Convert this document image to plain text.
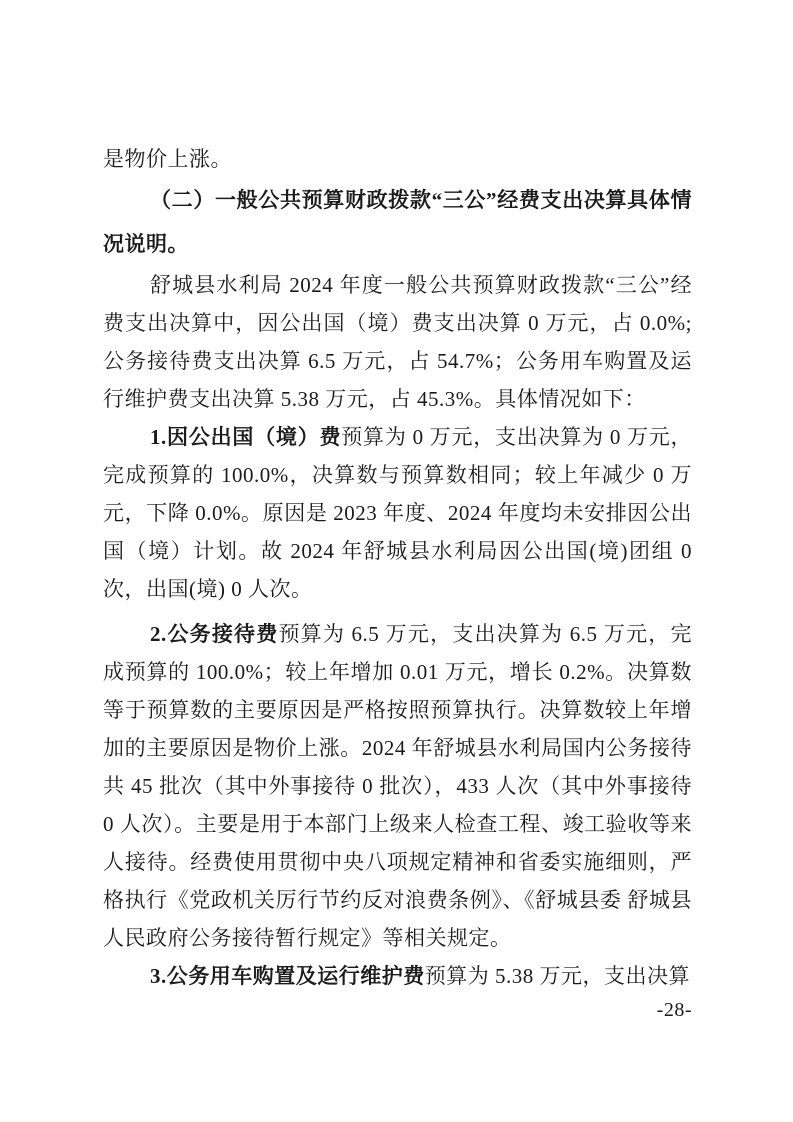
是物价上涨。

（二）一般公共预算财政拨款“三公”经费支出决算具体情况说明。

舒城县水利局 2024 年度一般公共预算财政拨款“三公”经费支出决算中，因公出国（境）费支出决算 0 万元，占 0.0%;公务接待费支出决算 6.5 万元，占 54.7%；公务用车购置及运行维护费支出决算 5.38 万元，占 45.3%。具体情况如下：

1.因公出国（境）费预算为 0 万元，支出决算为 0 万元，完成预算的 100.0%，决算数与预算数相同；较上年减少 0 万元，下降 0.0%。原因是 2023 年度、2024 年度均未安排因公出国（境）计划。故 2024 年舒城县水利局因公出国(境)团组 0 次，出国(境) 0 人次。

2.公务接待费预算为 6.5 万元，支出决算为 6.5 万元，完成预算的 100.0%；较上年增加 0.01 万元，增长 0.2%。决算数等于预算数的主要原因是严格按照预算执行。决算数较上年增加的主要原因是物价上涨。2024 年舒城县水利局国内公务接待共 45 批次（其中外事接待 0 批次），433 人次（其中外事接待 0 人次）。主要是用于本部门上级来人检查工程、竣工验收等来人接待。经费使用贯彻中央八项规定精神和省委实施细则，严格执行《党政机关厉行节约反对浪费条例》、《舒城县委 舒城县人民政府公务接待暂行规定》等相关规定。

3.公务用车购置及运行维护费预算为 5.38 万元，支出决算

-28-
